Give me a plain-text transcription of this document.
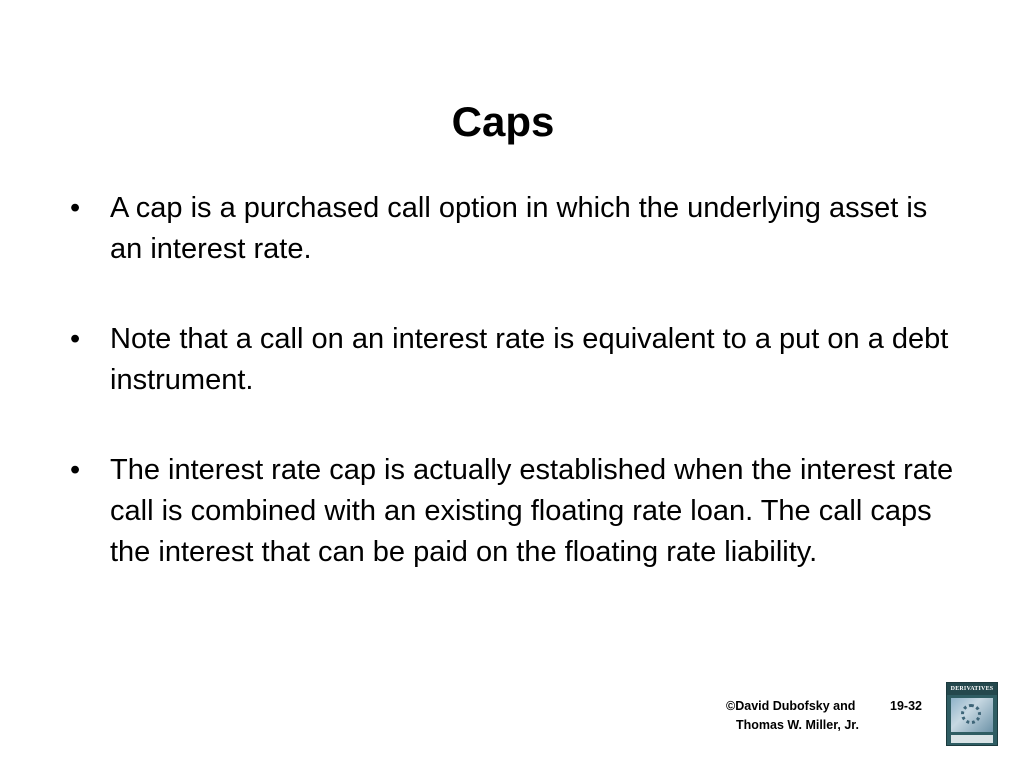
Caps
•	A cap is a purchased call option in which the underlying asset is an interest rate.
•	Note that a call on an interest rate is equivalent to a put on a debt instrument.
•	The interest rate cap is actually established when the interest rate call is combined with an existing floating rate loan. The call caps the interest that can be paid on the floating rate liability.
©David Dubofsky and
Thomas W. Miller, Jr.
19-32
DERIVATIVES
